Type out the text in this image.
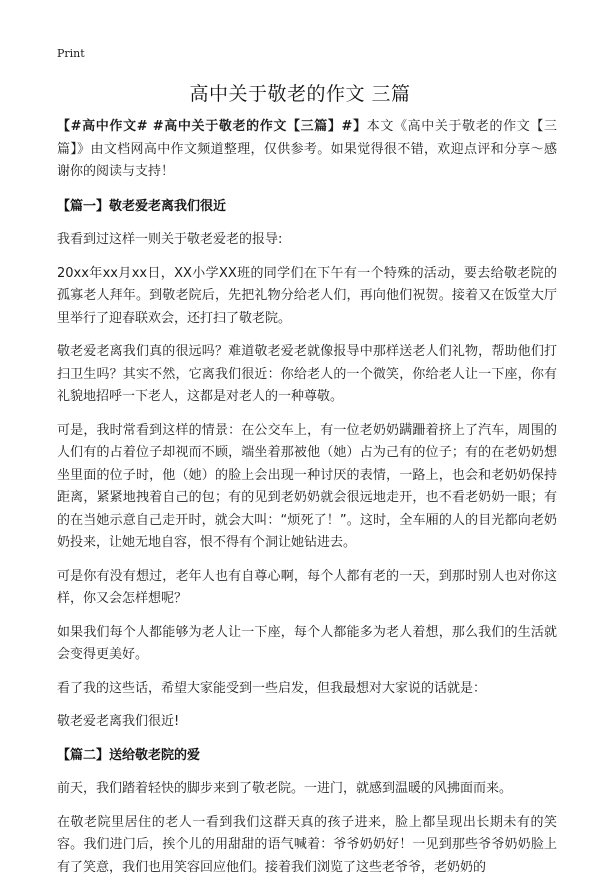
Print
高中关于敬老的作文 三篇

【#高中作文# #高中关于敬老的作文【三篇】#】本文《高中关于敬老的作文【三篇】》由文档网高中作文频道整理，仅供参考。如果觉得很不错，欢迎点评和分享～感谢你的阅读与支持！

【篇一】敬老爱老离我们很近

我看到过这样一则关于敬老爱老的报导:

20xx年xx月xx日，XX小学XX班的同学们在下午有一个特殊的活动，要去给敬老院的孤寡老人拜年。到敬老院后，先把礼物分给老人们，再向他们祝贺。接着又在饭堂大厅里举行了迎春联欢会，还打扫了敬老院。

敬老爱老离我们真的很远吗？难道敬老爱老就像报导中那样送老人们礼物，帮助他们打扫卫生吗？其实不然，它离我们很近：你给老人的一个微笑，你给老人让一下座，你有礼貌地招呼一下老人，这都是对老人的一种尊敬。

可是，我时常看到这样的情景：在公交车上，有一位老奶奶蹒跚着挤上了汽车，周围的人们有的占着位子却视而不顾，端坐着那被他（她）占为己有的位子；有的在老奶奶想坐里面的位子时，他（她）的脸上会出现一种讨厌的表情，一路上，也会和老奶奶保持距离，紧紧地拽着自己的包；有的见到老奶奶就会很远地走开，也不看老奶奶一眼；有的在当她示意自己走开时，就会大叫：“烦死了！”。这时，全车厢的人的目光都向老奶奶投来，让她无地自容，恨不得有个洞让她钻进去。

可是你有没有想过，老年人也有自尊心啊，每个人都有老的一天，到那时别人也对你这样，你又会怎样想呢？

如果我们每个人都能够为老人让一下座，每个人都能多为老人着想，那么我们的生活就会变得更美好。

看了我的这些话，希望大家能受到一些启发，但我最想对大家说的话就是：

敬老爱老离我们很近!

【篇二】送给敬老院的爱

前天，我们踏着轻快的脚步来到了敬老院。一进门，就感到温暖的风拂面而来。

在敬老院里居住的老人一看到我们这群天真的孩子进来，脸上都呈现出长期未有的笑容。我们进门后，挨个儿的用甜甜的语气喊着：爷爷奶奶好！一见到那些爷爷奶奶脸上有了笑意，我们也用笑容回应他们。接着我们浏览了这些老爷爷，老奶奶的
